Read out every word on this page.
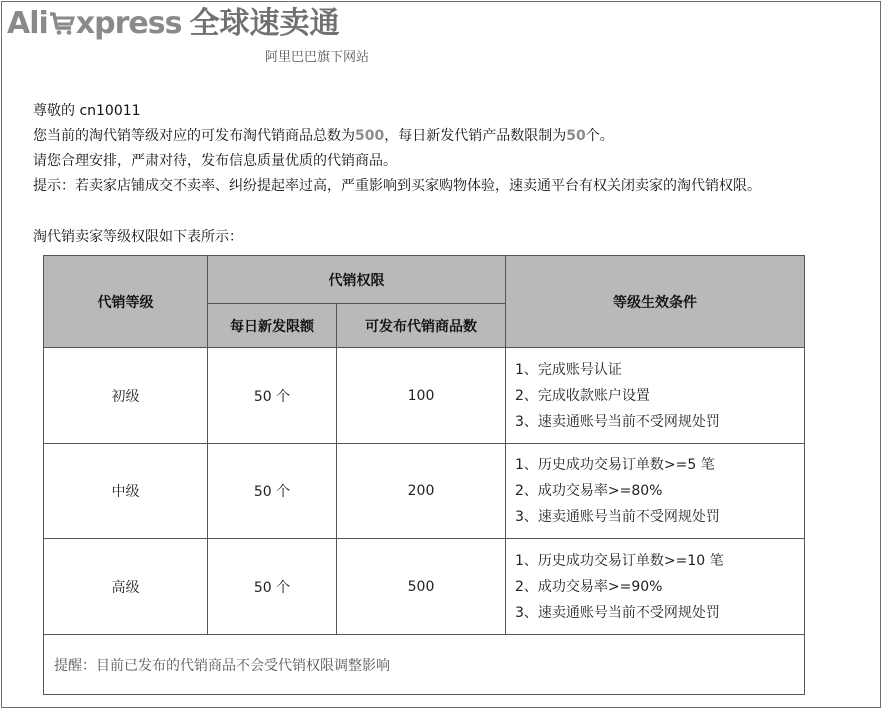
Ali xpress 全球速卖通
阿里巴巴旗下网站
尊敬的 cn10011
您当前的淘代销等级对应的可发布淘代销商品总数为500，每日新发代销产品数限制为50个。
请您合理安排，严肃对待，发布信息质量优质的代销商品。
提示：若卖家店铺成交不卖率、纠纷提起率过高，严重影响到买家购物体验，速卖通平台有权关闭卖家的淘代销权限。
淘代销卖家等级权限如下表所示：
代销等级	代销权限		等级生效条件
	每日新发限额	可发布代销商品数	
初级	50 个	100	1、完成账号认证
2、完成收款账户设置
3、速卖通账号当前不受网规处罚

中级	50 个	200	1、历史成功交易订单数>=5 笔
2、成功交易率>=80%
3、速卖通账号当前不受网规处罚

高级	50 个	500	1、历史成功交易订单数>=10 笔
2、成功交易率>=90%
3、速卖通账号当前不受网规处罚

提醒：目前已发布的代销商品不会受代销权限调整影响			
